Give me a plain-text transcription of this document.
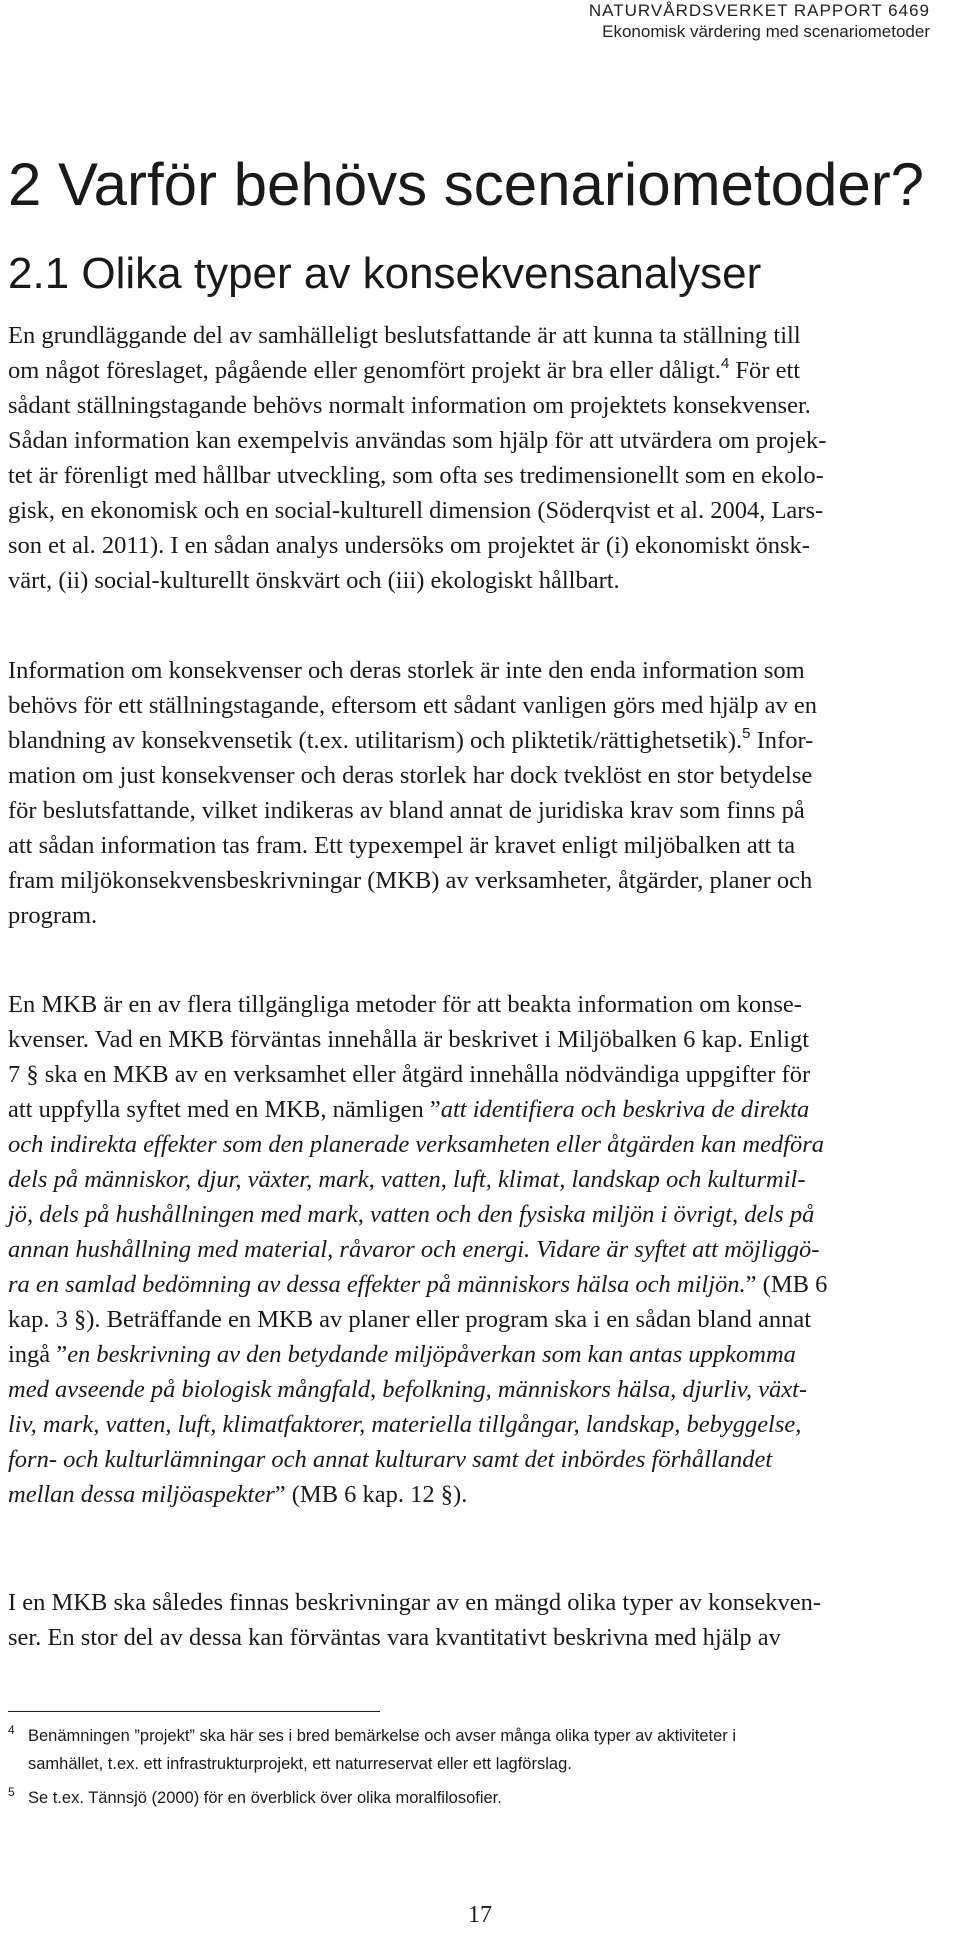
NATURVÅRDSVERKET RAPPORT 6469
Ekonomisk värdering med scenariometoder
2 Varför behövs scenariometoder?
2.1 Olika typer av konsekvensanalyser
En grundläggande del av samhälleligt beslutsfattande är att kunna ta ställning till
om något föreslaget, pågående eller genomfört projekt är bra eller dåligt.$^4$ För ett
sådant ställningstagande behövs normalt information om projektets konsekvenser.
Sådan information kan exempelvis användas som hjälp för att utvärdera om projek-
tet är förenligt med hållbar utveckling, som ofta ses tredimensionellt som en ekolo-
gisk, en ekonomisk och en social-kulturell dimension (Söderqvist et al. 2004, Lars-
son et al. 2011). I en sådan analys undersöks om projektet är (i) ekonomiskt önsk-
värt, (ii) social-kulturellt önskvärt och (iii) ekologiskt hållbart.
Information om konsekvenser och deras storlek är inte den enda information som
behövs för ett ställningstagande, eftersom ett sådant vanligen görs med hjälp av en
blandning av konsekvensetik (t.ex. utilitarism) och pliktetik/rättighetsetik).$^5$ Infor-
mation om just konsekvenser och deras storlek har dock tveklöst en stor betydelse
för beslutsfattande, vilket indikeras av bland annat de juridiska krav som finns på
att sådan information tas fram. Ett typexempel är kravet enligt miljöbalken att ta
fram miljökonsekvensbeskrivningar (MKB) av verksamheter, åtgärder, planer och
program.
En MKB är en av flera tillgängliga metoder för att beakta information om konse-
kvenser. Vad en MKB förväntas innehålla är beskrivet i Miljöbalken 6 kap. Enligt
7 § ska en MKB av en verksamhet eller åtgärd innehålla nödvändiga uppgifter för
att uppfylla syftet med en MKB, nämligen ”att identifiera och beskriva de direkta
och indirekta effekter som den planerade verksamheten eller åtgärden kan medföra
dels på människor, djur, växter, mark, vatten, luft, klimat, landskap och kulturmil-
jö, dels på hushållningen med mark, vatten och den fysiska miljön i övrigt, dels på
annan hushållning med material, råvaror och energi. Vidare är syftet att möjliggö-
ra en samlad bedömning av dessa effekter på människors hälsa och miljön.” (MB 6
kap. 3 §). Beträffande en MKB av planer eller program ska i en sådan bland annat
ingå ”en beskrivning av den betydande miljöpåverkan som kan antas uppkomma
med avseende på biologisk mångfald, befolkning, människors hälsa, djurliv, växt-
liv, mark, vatten, luft, klimatfaktorer, materiella tillgångar, landskap, bebyggelse,
forn- och kulturlämningar och annat kulturarv samt det inbördes förhållandet
mellan dessa miljöaspekter” (MB 6 kap. 12 §).
I en MKB ska således finnas beskrivningar av en mängd olika typer av konsekven-
ser. En stor del av dessa kan förväntas vara kvantitativt beskrivna med hjälp av
4 Benämningen ”projekt” ska här ses i bred bemärkelse och avser många olika typer av aktiviteter i
samhället, t.ex. ett infrastrukturprojekt, ett naturreservat eller ett lagförslag.
5 Se t.ex. Tännsjö (2000) för en överblick över olika moralfilosofier.
17
